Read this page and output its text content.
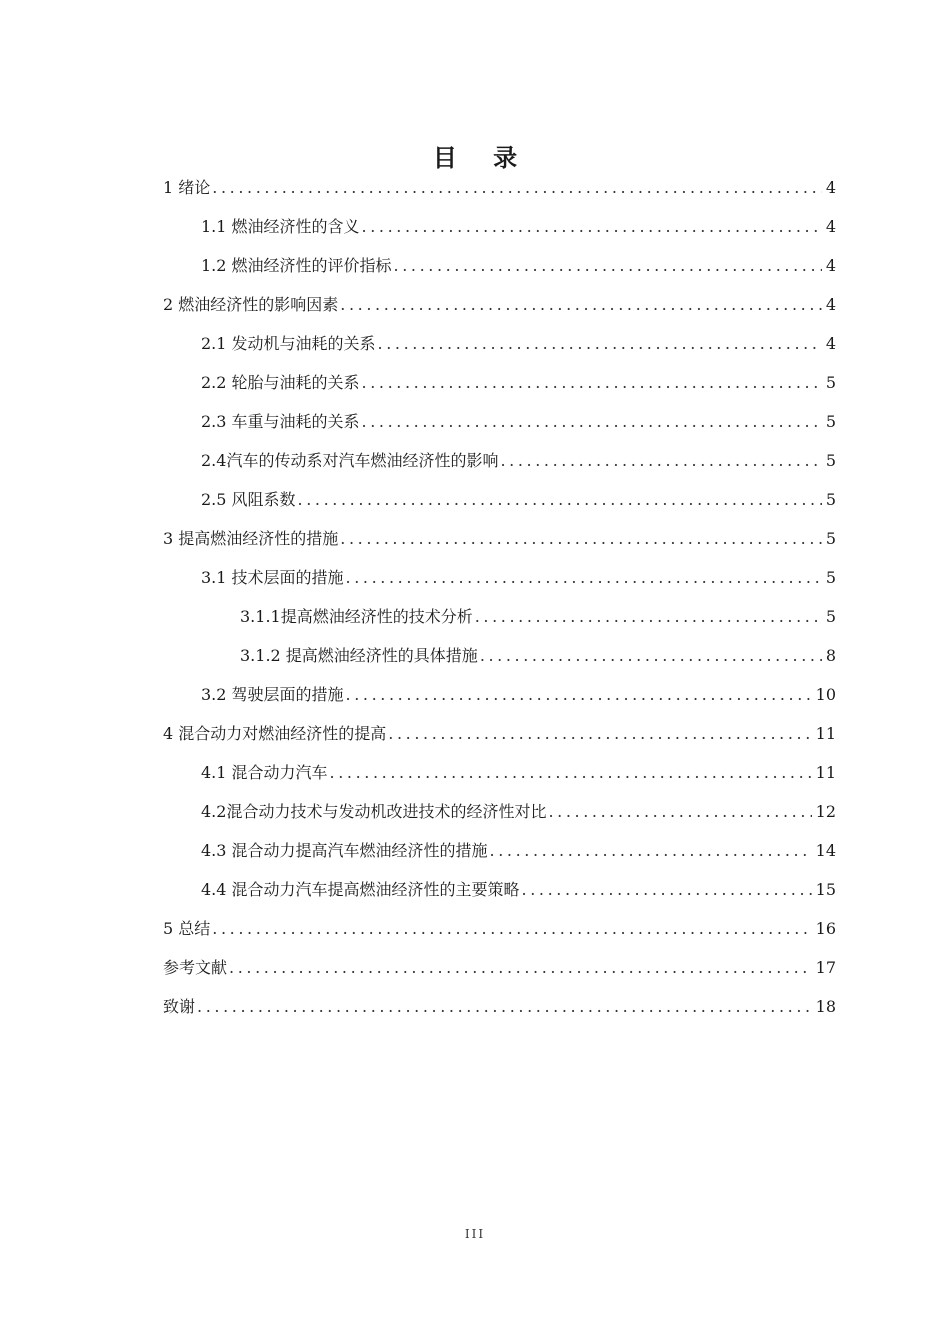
目 录
1 绪论 .....	4
1.1 燃油经济性的含义 .....	4
1.2 燃油经济性的评价指标 .....	4
2 燃油经济性的影响因素 .....	4
2.1 发动机与油耗的关系 .....	4
2.2 轮胎与油耗的关系 .....	5
2.3 车重与油耗的关系 .....	5
2.4汽车的传动系对汽车燃油经济性的影响 .....	5
2.5 风阻系数 .....	5
3 提高燃油经济性的措施 .....	5
3.1 技术层面的措施 .....	5
3.1.1提高燃油经济性的技术分析 .....	5
3.1.2 提高燃油经济性的具体措施 .....	8
3.2 驾驶层面的措施 .....	10
4 混合动力对燃油经济性的提高 .....	11
4.1 混合动力汽车 .....	11
4.2混合动力技术与发动机改进技术的经济性对比 .....	12
4.3 混合动力提高汽车燃油经济性的措施 .....	14
4.4 混合动力汽车提高燃油经济性的主要策略 .....	15
5 总结 .....	16
参考文献 .....	17
致谢 .....	18
III
